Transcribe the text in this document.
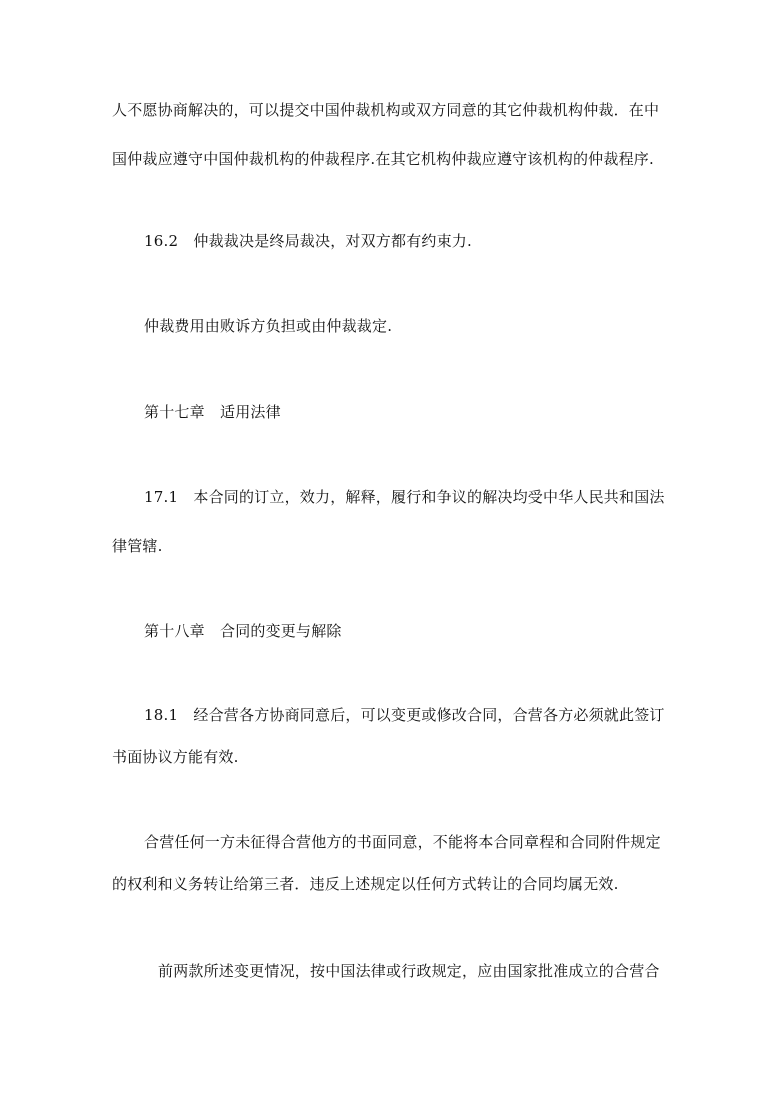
人不愿协商解决的，可以提交中国仲裁机构或双方同意的其它仲裁机构仲裁．在中
国仲裁应遵守中国仲裁机构的仲裁程序.在其它机构仲裁应遵守该机构的仲裁程序.
16.2　仲裁裁决是终局裁决，对双方都有约束力.
仲裁费用由败诉方负担或由仲裁裁定.
第十七章　适用法律
17.1　本合同的订立，效力，解释，履行和争议的解决均受中华人民共和国法
律管辖.
第十八章　合同的变更与解除
18.1　经合营各方协商同意后，可以变更或修改合同，合营各方必须就此签订
书面协议方能有效.
合营任何一方未征得合营他方的书面同意，不能将本合同章程和合同附件规定
的权利和义务转让给第三者．违反上述规定以任何方式转让的合同均属无效.
前两款所述变更情况，按中国法律或行政规定，应由国家批准成立的合营合
